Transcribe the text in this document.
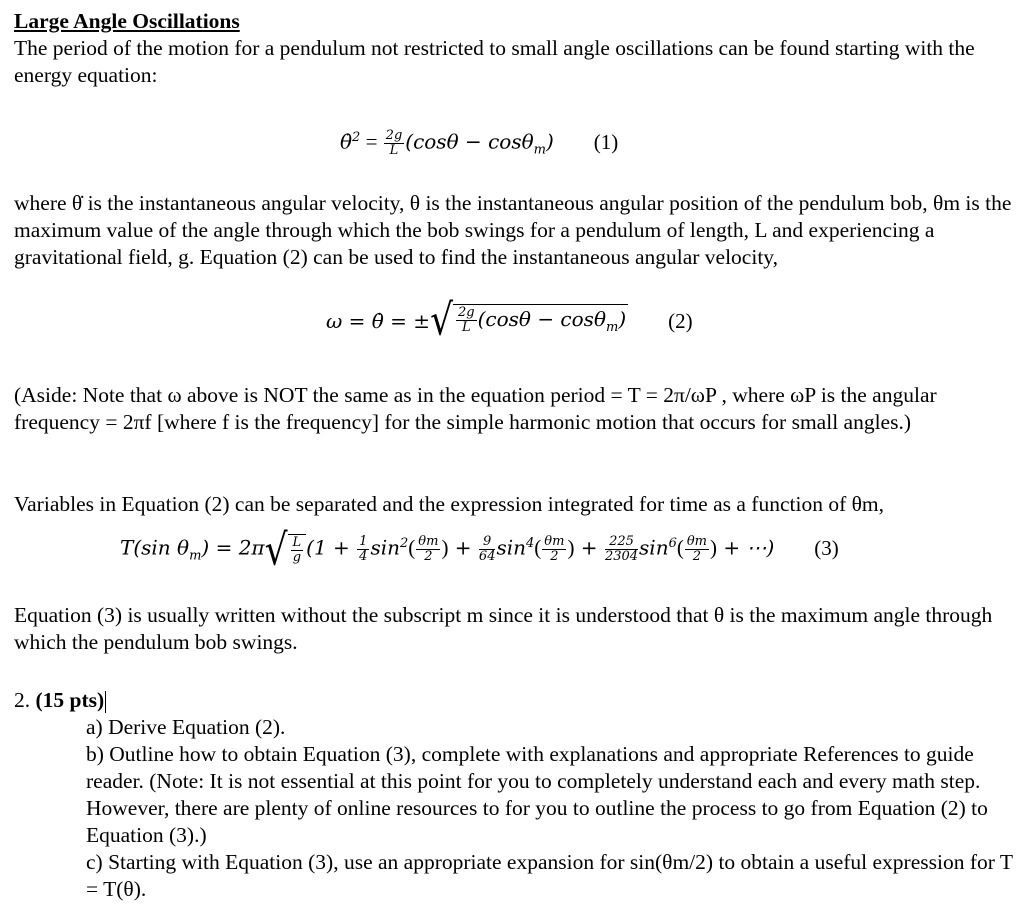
Large Angle Oscillations

The period of the motion for a pendulum not restricted to small angle oscillations can be found starting with the energy equation:

θ̇$^2$ = $\frac{2g}{L} (\cos\theta - \cos\theta_m)$ (1)

where θ̇ is the instantaneous angular velocity, θ is the instantaneous angular position of the pendulum bob, θm is the maximum value of the angle through which the bob swings for a pendulum of length, L and experiencing a gravitational field, g. Equation (2) can be used to find the instantaneous angular velocity,

ω = θ̇ = ±√ $\frac{2g}{L} (\cos\theta - \cos\theta_m)$ (2)

(Aside: Note that ω above is NOT the same as in the equation period = T = 2π/ωP , where ωP is the angular frequency = 2πf [where f is the frequency] for the simple harmonic motion that occurs for small angles.)

Variables in Equation (2) can be separated and the expression integrated for time as a function of θm,

T(sin $\theta_m) = 2\pi√ \frac{L}{g} (1 + \frac{1}{4} \sin^2( \frac{\theta m}{2}$ ) + $\frac{9}{64} \sin^4( \frac{\theta m}{2}$ ) + $\frac{225}{2304} \sin^6( \frac{\theta m}{2}$ ) + ⋯) (3)

Equation (3) is usually written without the subscript m since it is understood that θ is the maximum angle through which the pendulum bob swings.

2. (15 pts)
a) Derive Equation (2).
b) Outline how to obtain Equation (3), complete with explanations and appropriate References to guide reader. (Note: It is not essential at this point for you to completely understand each and every math step. However, there are plenty of online resources to for you to outline the process to go from Equation (2) to Equation (3).)
c) Starting with Equation (3), use an appropriate expansion for sin(θm/2) to obtain a useful expression for T = T(θ).
